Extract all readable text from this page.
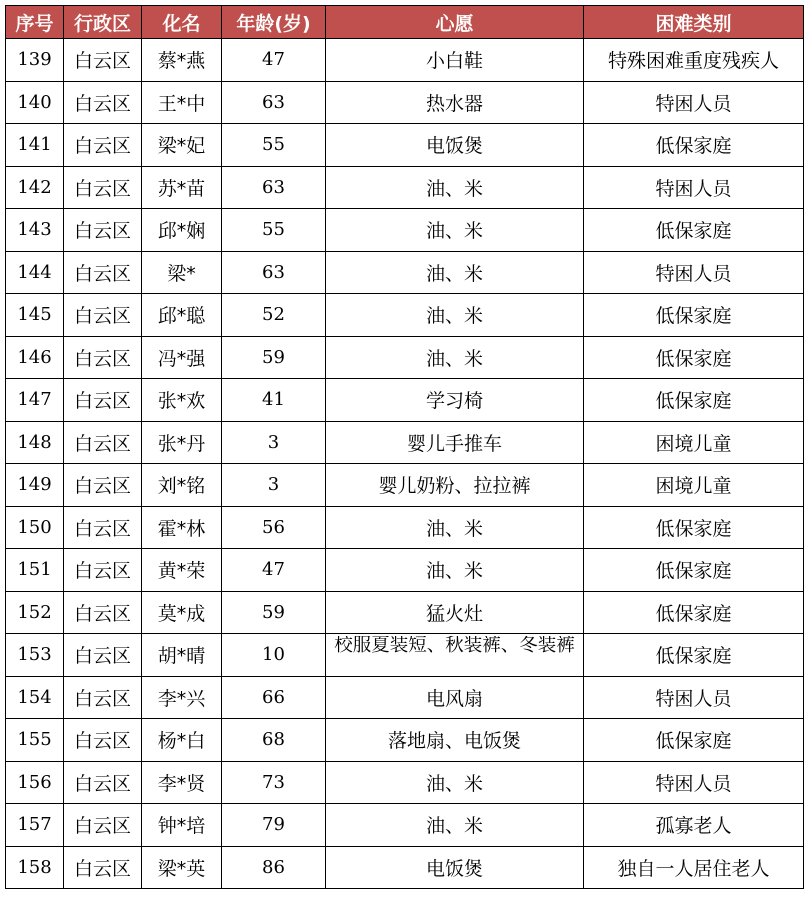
序号	行政区	化名	年龄(岁)	心愿	困难类别
139	白云区	蔡*燕	47	小白鞋	特殊困难重度残疾人
140	白云区	王*中	63	热水器	特困人员
141	白云区	梁*妃	55	电饭煲	低保家庭
142	白云区	苏*苗	63	油、米	特困人员
143	白云区	邱*娴	55	油、米	低保家庭
144	白云区	梁*	63	油、米	特困人员
145	白云区	邱*聪	52	油、米	低保家庭
146	白云区	冯*强	59	油、米	低保家庭
147	白云区	张*欢	41	学习椅	低保家庭
148	白云区	张*丹	3	婴儿手推车	困境儿童
149	白云区	刘*铭	3	婴儿奶粉、拉拉裤	困境儿童
150	白云区	霍*林	56	油、米	低保家庭
151	白云区	黄*荣	47	油、米	低保家庭
152	白云区	莫*成	59	猛火灶	低保家庭
153	白云区	胡*晴	10	校服夏装短、秋装裤、冬装裤	低保家庭
154	白云区	李*兴	66	电风扇	特困人员
155	白云区	杨*白	68	落地扇、电饭煲	低保家庭
156	白云区	李*贤	73	油、米	特困人员
157	白云区	钟*培	79	油、米	孤寡老人
158	白云区	梁*英	86	电饭煲	独自一人居住老人
